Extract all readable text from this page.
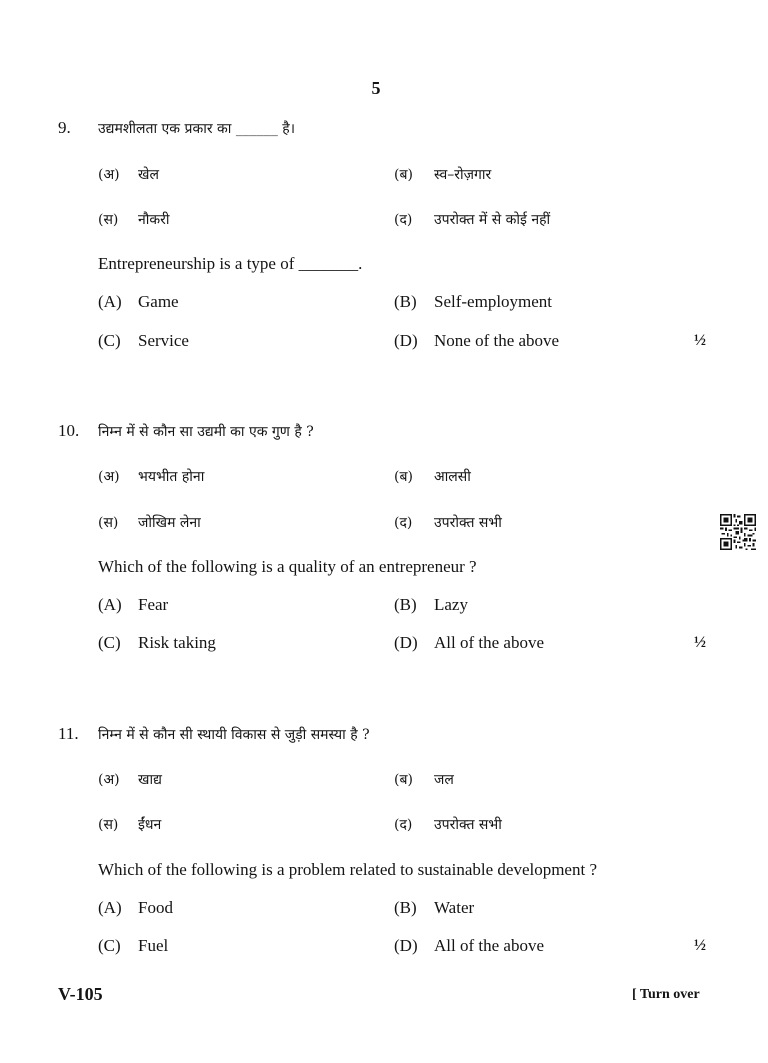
5
9. उद्यमशीलता एक प्रकार का ______ है।
(अ) खेल	(ब) स्व–रोज़गार
(स) नौकरी	(द) उपरोक्त में से कोई नहीं
Entrepreneurship is a type of _______.
(A) Game	(B) Self-employment
(C) Service	(D) None of the above	½
10. निम्न में से कौन सा उद्यमी का एक गुण है ?
(अ) भयभीत होना	(ब) आलसी
(स) जोखिम लेना	(द) उपरोक्त सभी
Which of the following is a quality of an entrepreneur ?
(A) Fear	(B) Lazy
(C) Risk taking	(D) All of the above	½
11. निम्न में से कौन सी स्थायी विकास से जुड़ी समस्या है ?
(अ) खाद्य	(ब) जल
(स) ईंधन	(द) उपरोक्त सभी
Which of the following is a problem related to sustainable development ?
(A) Food	(B) Water
(C) Fuel	(D) All of the above	½
V-105	[ Turn over
